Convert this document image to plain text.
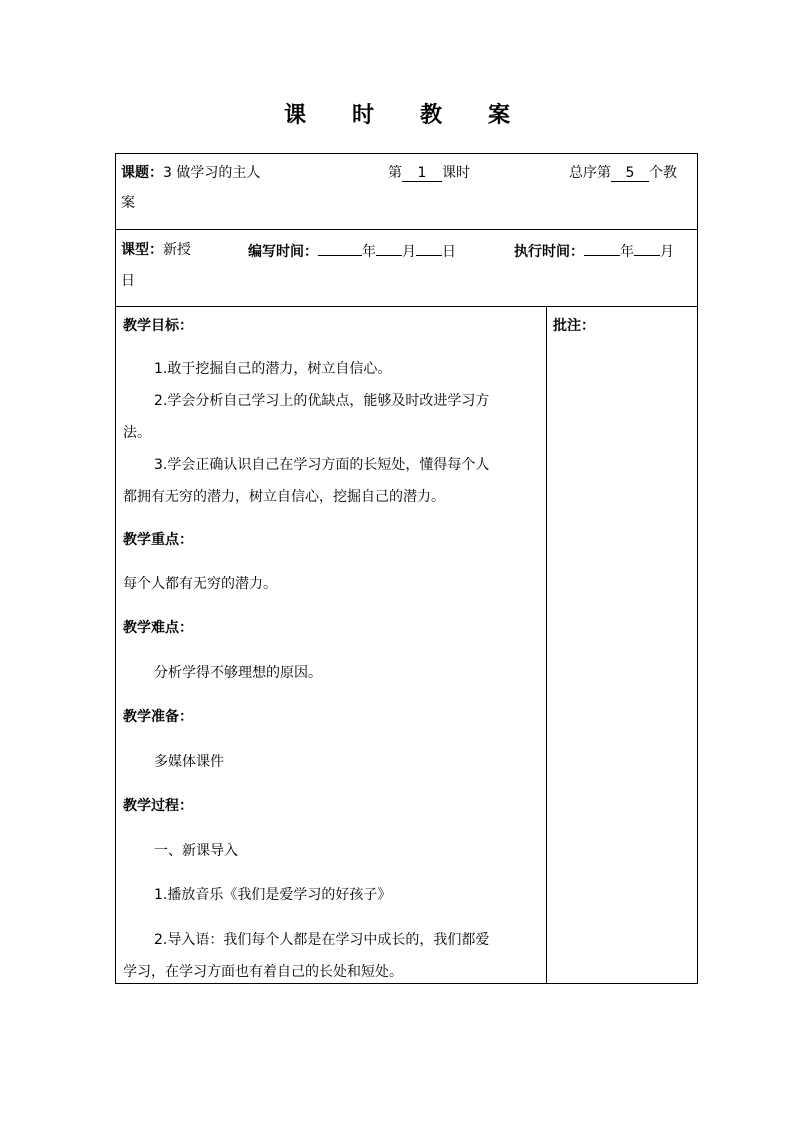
课 时 教 案
课题：3 做学习的主人	第 1 课时	总序第 5 个教
案
课型：新授	编写时间：	年 月 日	执行时间：	年 月
日
批注：
教学目标：
1.敢于挖掘自己的潜力，树立自信心。
2.学会分析自己学习上的优缺点，能够及时改进学习方
法。
3.学会正确认识自己在学习方面的长短处，懂得每个人
都拥有无穷的潜力，树立自信心，挖掘自己的潜力。
教学重点：
每个人都有无穷的潜力。
教学难点：
分析学得不够理想的原因。
教学准备：
多媒体课件
教学过程：
一、新课导入
1.播放音乐《我们是爱学习的好孩子》
2.导入语：我们每个人都是在学习中成长的，我们都爱
学习，在学习方面也有着自己的长处和短处。
